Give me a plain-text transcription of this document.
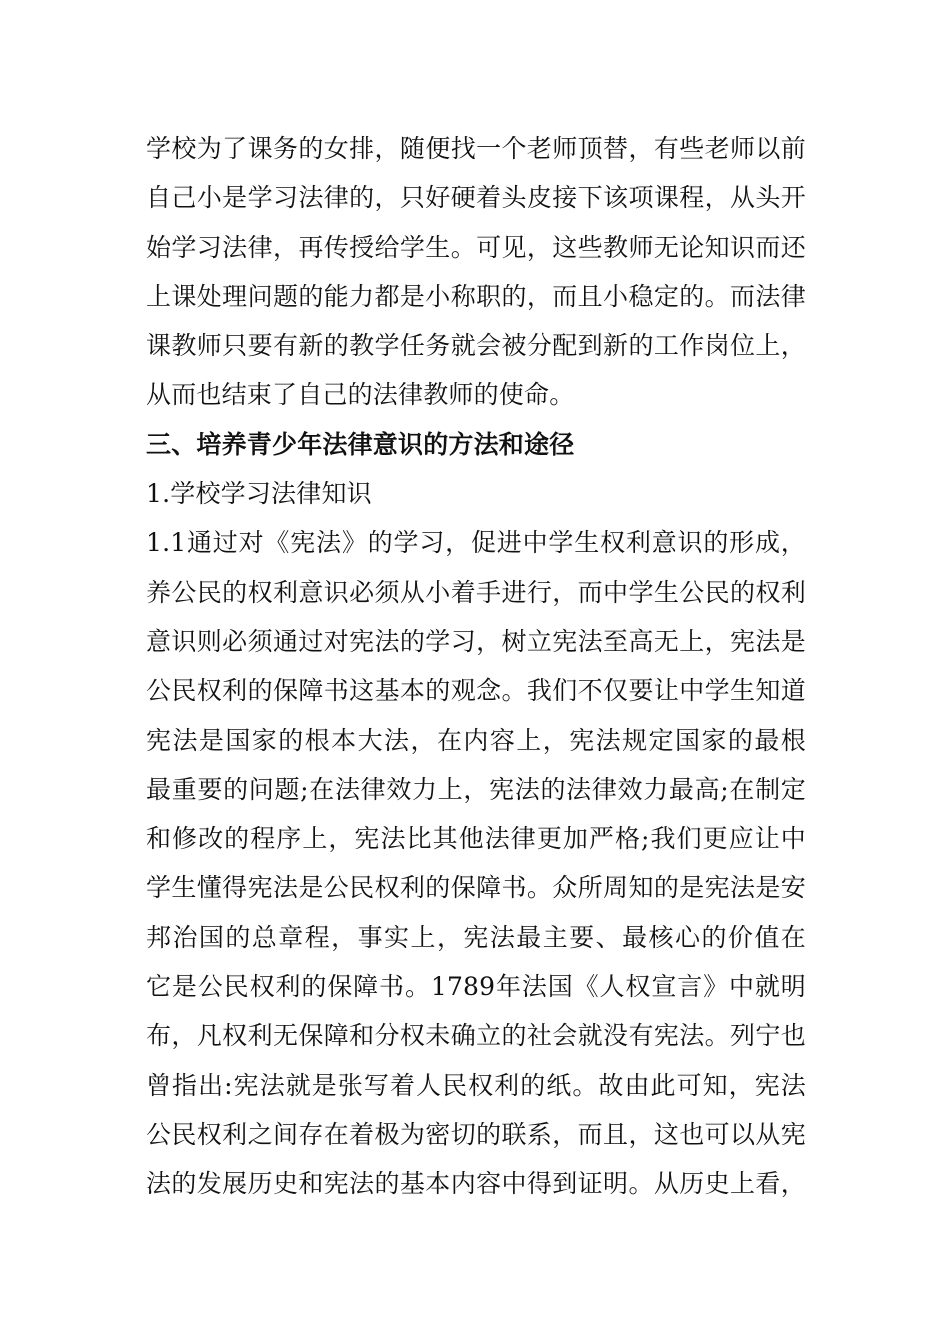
学校为了课务的女排，随便找一个老师顶替，有些老师以前
自己小是学习法律的，只好硬着头皮接下该项课程，从头开
始学习法律，再传授给学生。可见，这些教师无论知识而还
上课处理问题的能力都是小称职的，而且小稳定的。而法律
课教师只要有新的教学任务就会被分配到新的工作岗位上，
从而也结束了自己的法律教师的使命。
三、培养青少年法律意识的方法和途径
1.学校学习法律知识
1.1通过对《宪法》的学习，促进中学生权利意识的形成，
养公民的权利意识必须从小着手进行，而中学生公民的权利
意识则必须通过对宪法的学习，树立宪法至高无上，宪法是
公民权利的保障书这基本的观念。我们不仅要让中学生知道
宪法是国家的根本大法，在内容上，宪法规定国家的最根
最重要的问题;在法律效力上，宪法的法律效力最高;在制定
和修改的程序上，宪法比其他法律更加严格;我们更应让中
学生懂得宪法是公民权利的保障书。众所周知的是宪法是安
邦治国的总章程，事实上，宪法最主要、最核心的价值在
它是公民权利的保障书。1789年法国《人权宣言》中就明
布，凡权利无保障和分权未确立的社会就没有宪法。列宁也
曾指出:宪法就是张写着人民权利的纸。故由此可知，宪法
公民权利之间存在着极为密切的联系，而且，这也可以从宪
法的发展历史和宪法的基本内容中得到证明。从历史上看，
